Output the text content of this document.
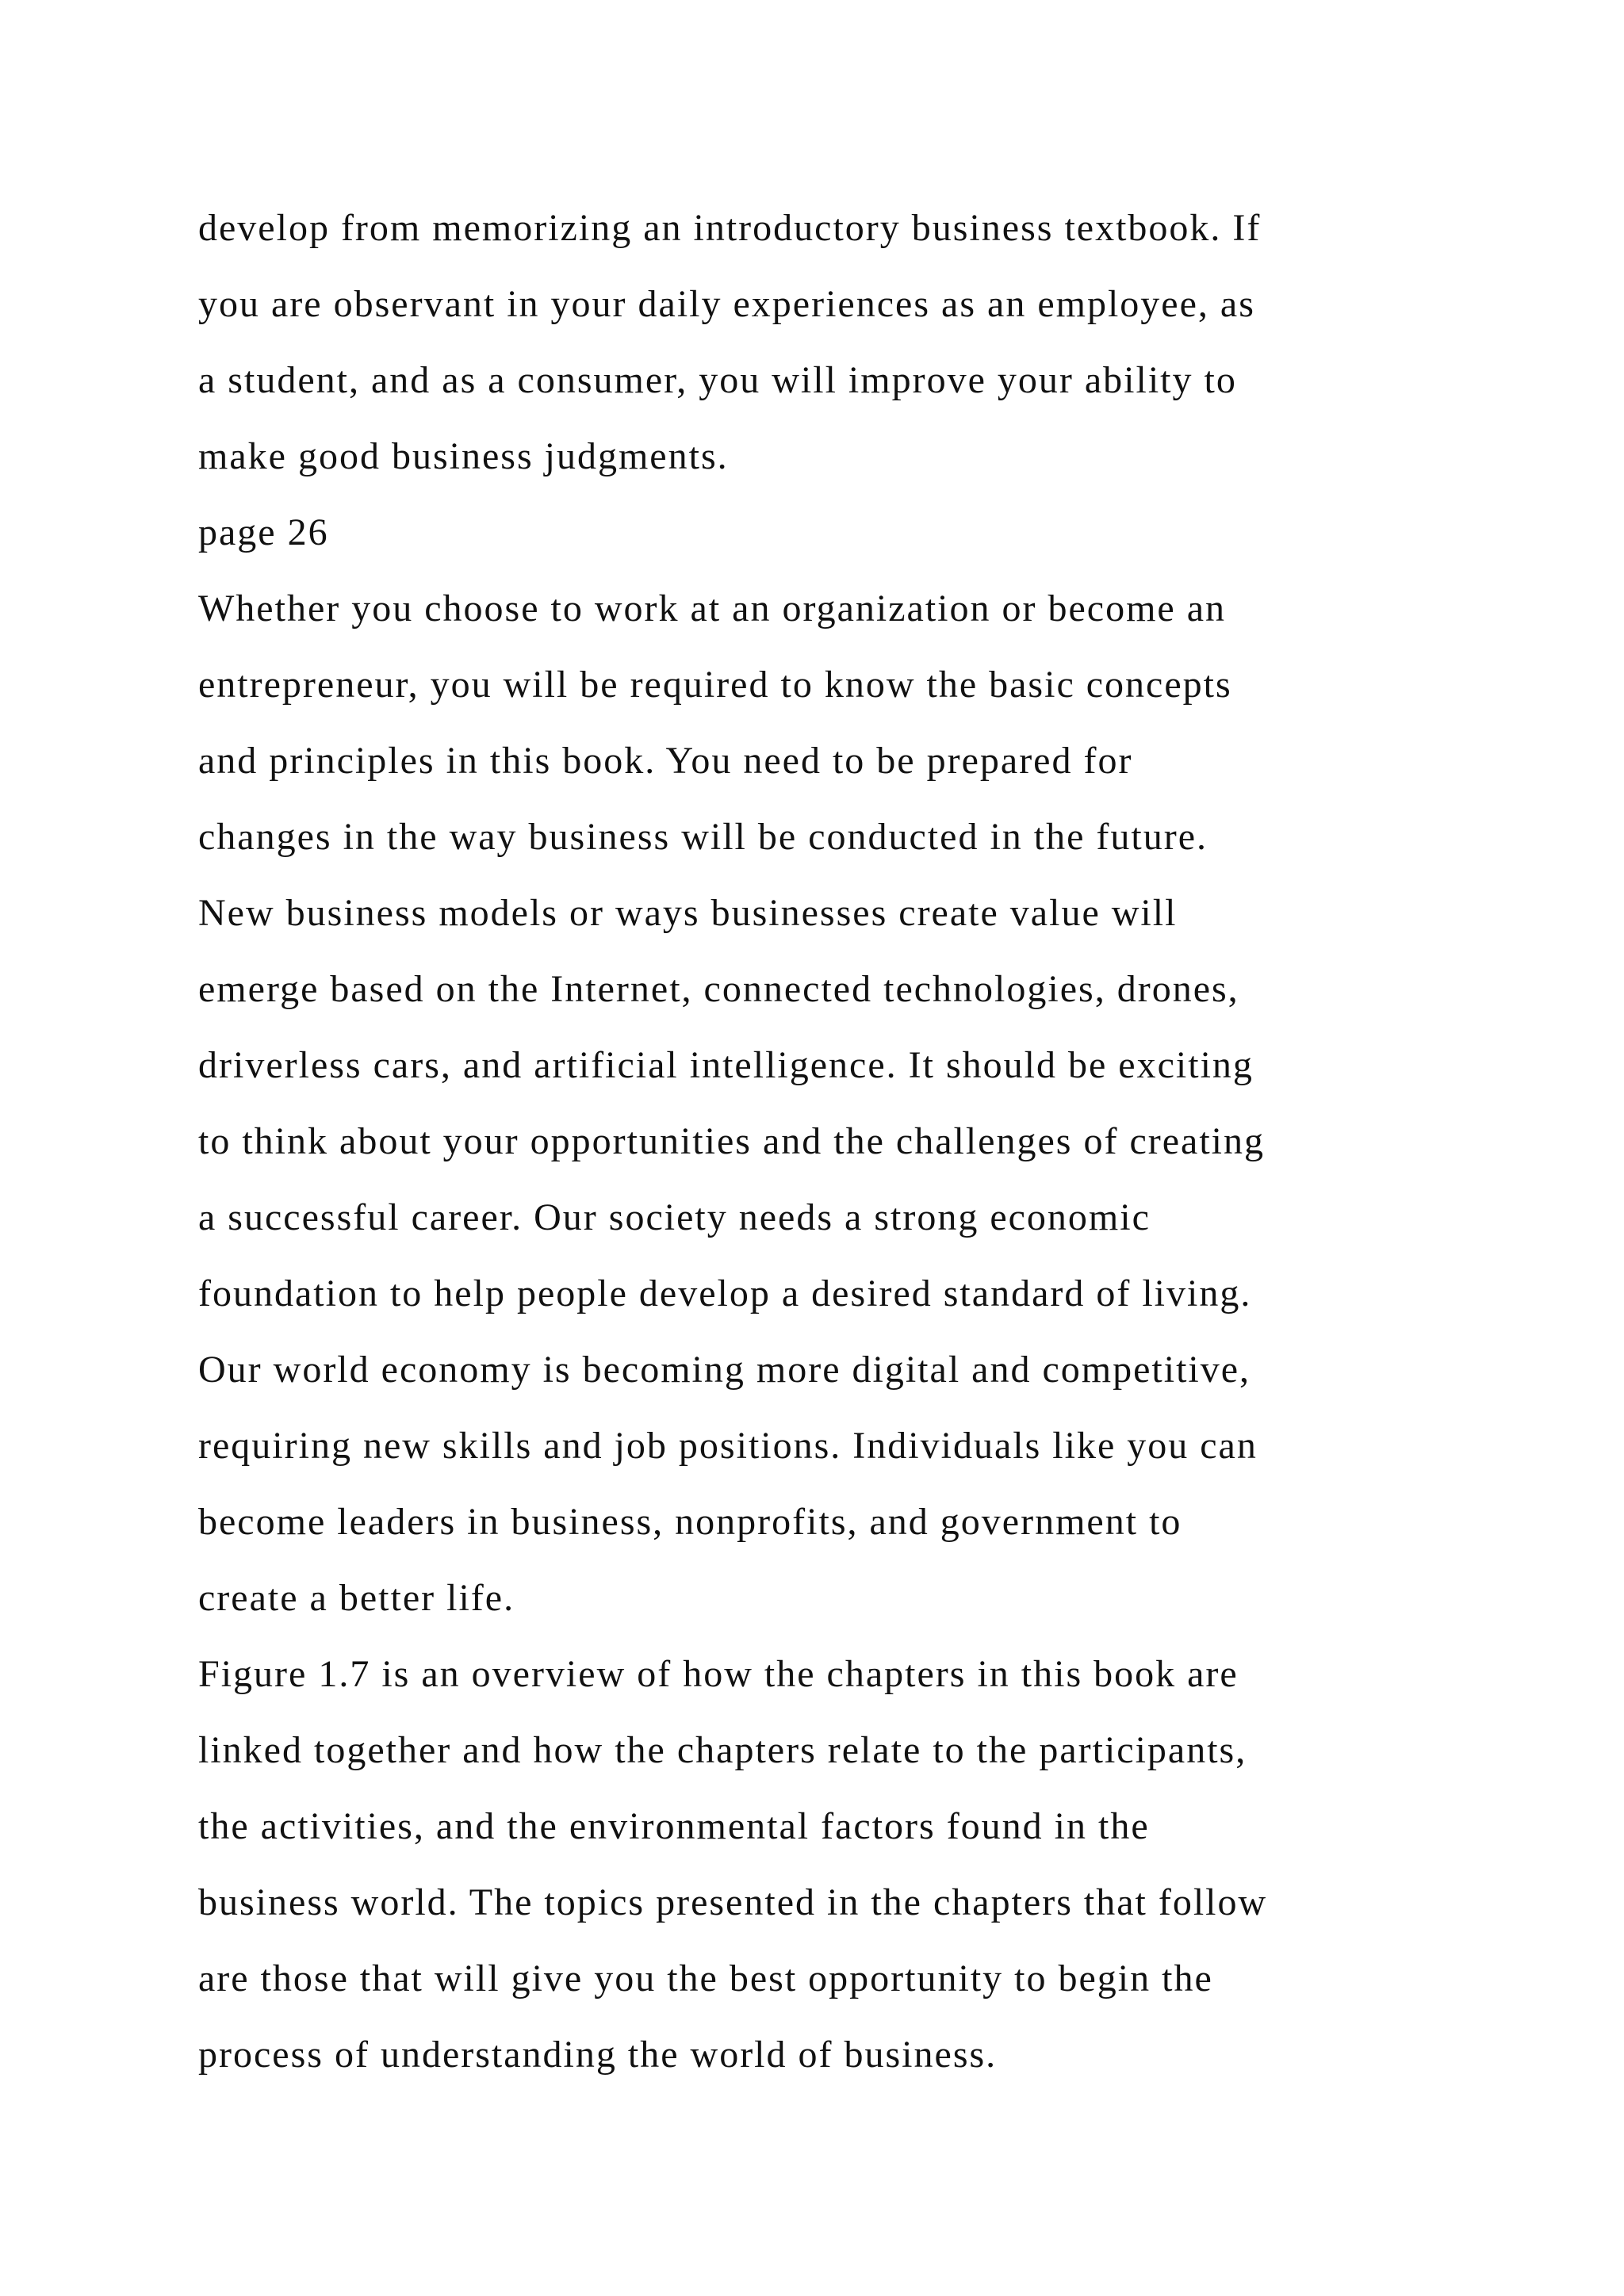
develop from memorizing an introductory business textbook. If
you are observant in your daily experiences as an employee, as
a student, and as a consumer, you will improve your ability to
make good business judgments.
page 26
Whether you choose to work at an organization or become an
entrepreneur, you will be required to know the basic concepts
and principles in this book. You need to be prepared for
changes in the way business will be conducted in the future.
New business models or ways businesses create value will
emerge based on the Internet, connected technologies, drones,
driverless cars, and artificial intelligence. It should be exciting
to think about your opportunities and the challenges of creating
a successful career. Our society needs a strong economic
foundation to help people develop a desired standard of living.
Our world economy is becoming more digital and competitive,
requiring new skills and job positions. Individuals like you can
become leaders in business, nonprofits, and government to
create a better life.
Figure 1.7 is an overview of how the chapters in this book are
linked together and how the chapters relate to the participants,
the activities, and the environmental factors found in the
business world. The topics presented in the chapters that follow
are those that will give you the best opportunity to begin the
process of understanding the world of business.
